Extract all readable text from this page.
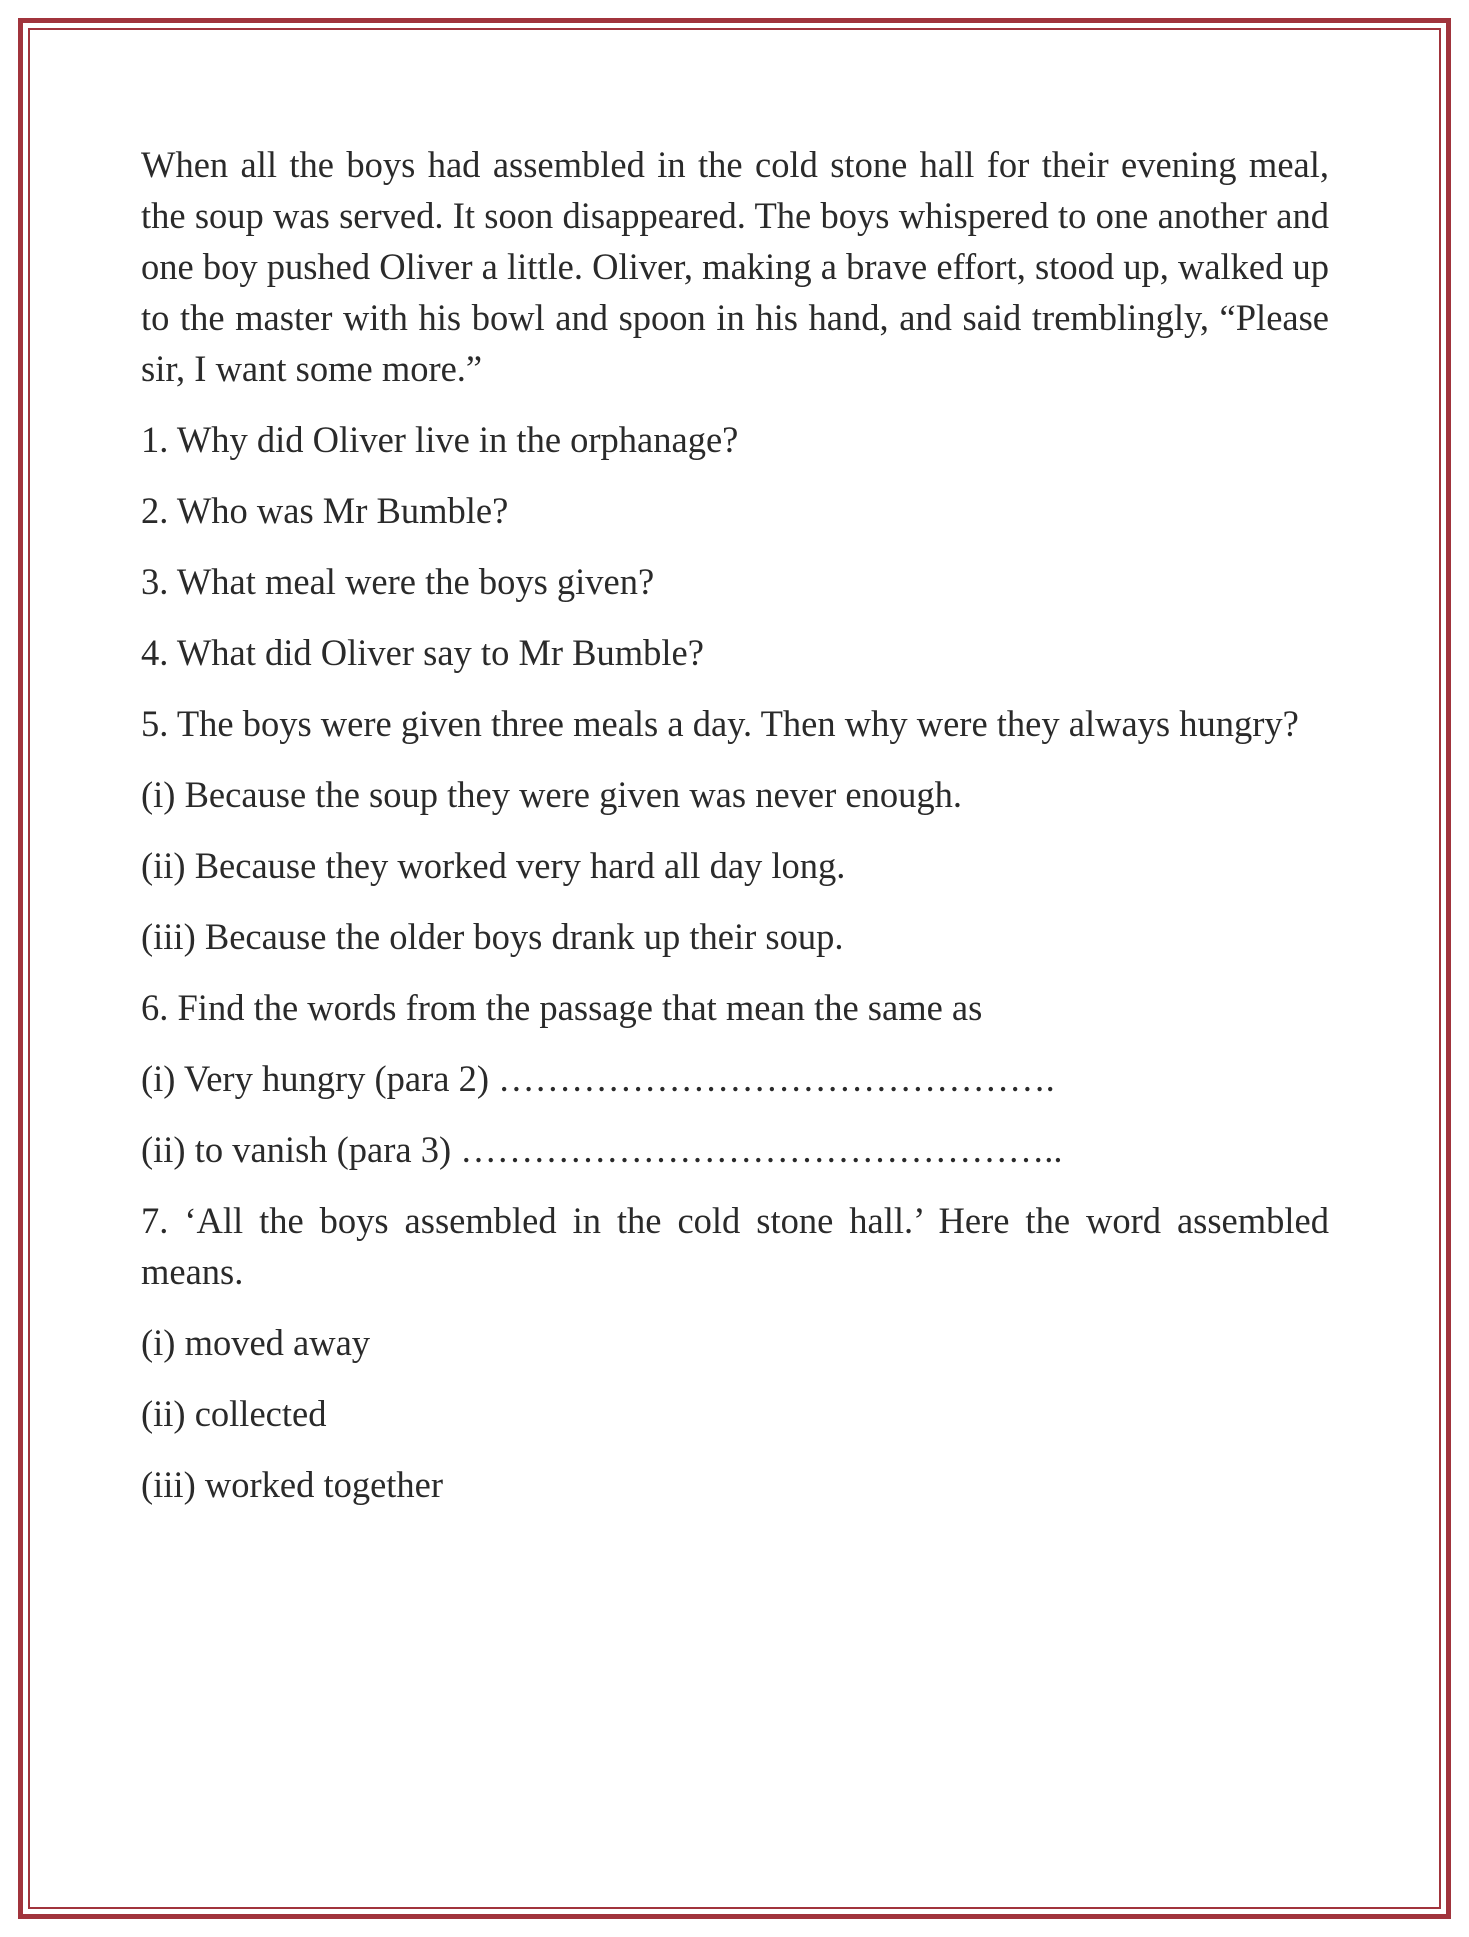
When all the boys had assembled in the cold stone hall for their evening meal, the soup was served. It soon disappeared. The boys whispered to one another and one boy pushed Oliver a little. Oliver, making a brave effort, stood up, walked up to the master with his bowl and spoon in his hand, and said tremblingly, “Please sir, I want some more.”

1. Why did Oliver live in the orphanage?

2. Who was Mr Bumble?

3. What meal were the boys given?

4. What did Oliver say to Mr Bumble?

5. The boys were given three meals a day. Then why were they always hungry?

(i) Because the soup they were given was never enough.

(ii) Because they worked very hard all day long.

(iii) Because the older boys drank up their soup.

6. Find the words from the passage that mean the same as

(i) Very hungry (para 2) ……………………………………….

(ii) to vanish (para 3) …………………………………………..

7. ‘All the boys assembled in the cold stone hall.’ Here the word assembled means.

(i) moved away

(ii) collected

(iii) worked together
